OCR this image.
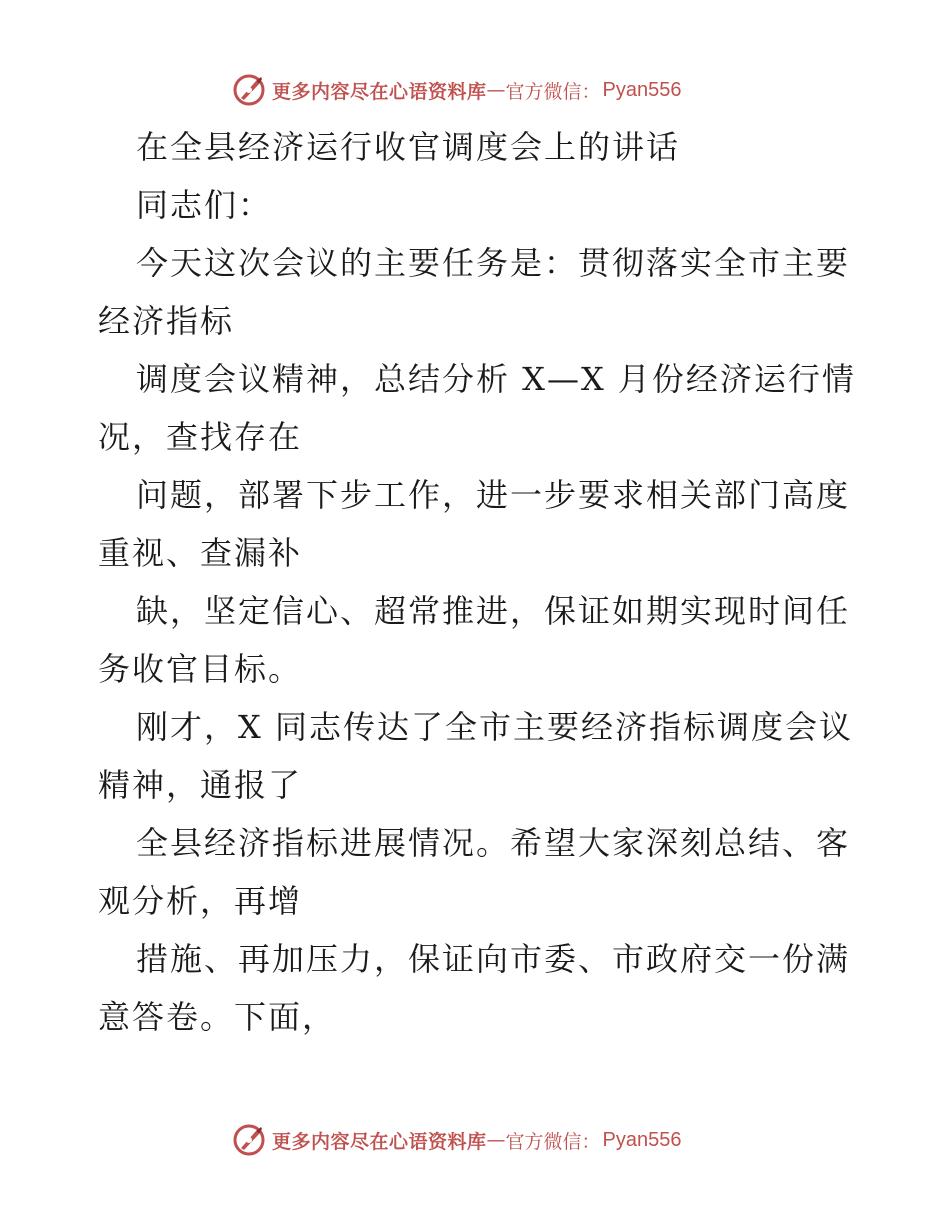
更多内容尽在心语资料库 — 官方微信： Pyan556
在全县经济运行收官调度会上的讲话
同志们：
今天这次会议的主要任务是：贯彻落实全市主要
经济指标
调度会议精神，总结分析 X—X 月份经济运行情
况，查找存在
问题，部署下步工作，进一步要求相关部门高度
重视、查漏补
缺，坚定信心、超常推进，保证如期实现时间任
务收官目标。
刚才，X 同志传达了全市主要经济指标调度会议
精神，通报了
全县经济指标进展情况。希望大家深刻总结、客
观分析，再增
措施、再加压力，保证向市委、市政府交一份满
意答卷。下面，
更多内容尽在心语资料库 — 官方微信： Pyan556
